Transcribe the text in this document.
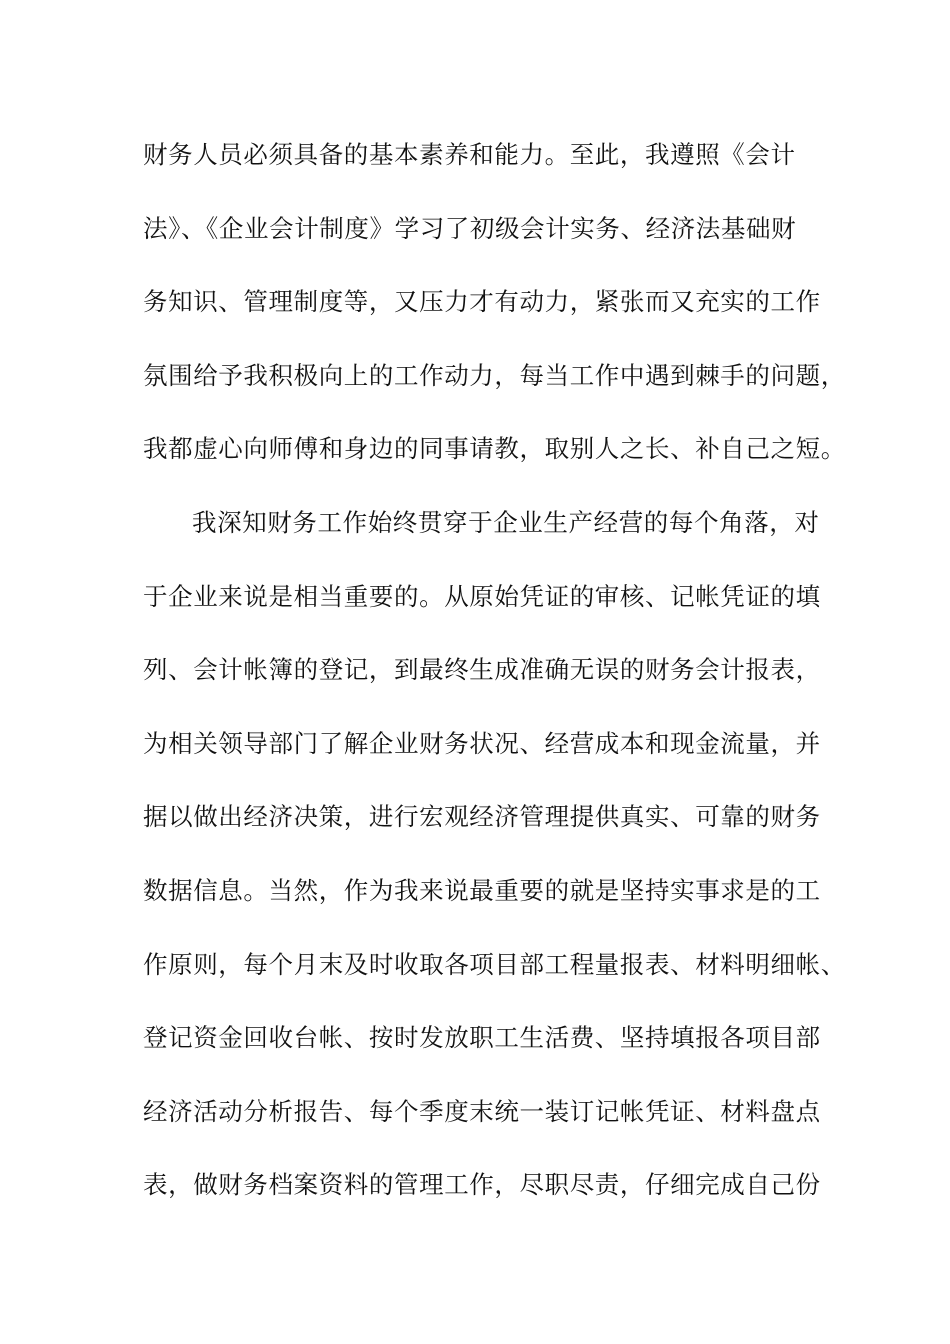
财务人员必须具备的基本素养和能力。至此，我遵照《会计
法》、《企业会计制度》学习了初级会计实务、经济法基础财
务知识、管理制度等，又压力才有动力，紧张而又充实的工作
氛围给予我积极向上的工作动力，每当工作中遇到棘手的问题，
我都虚心向师傅和身边的同事请教，取别人之长、补自己之短。
我深知财务工作始终贯穿于企业生产经营的每个角落，对
于企业来说是相当重要的。从原始凭证的审核、记帐凭证的填
列、会计帐簿的登记，到最终生成准确无误的财务会计报表，
为相关领导部门了解企业财务状况、经营成本和现金流量，并
据以做出经济决策，进行宏观经济管理提供真实、可靠的财务
数据信息。当然，作为我来说最重要的就是坚持实事求是的工
作原则，每个月末及时收取各项目部工程量报表、材料明细帐、
登记资金回收台帐、按时发放职工生活费、坚持填报各项目部
经济活动分析报告、每个季度末统一装订记帐凭证、材料盘点
表，做财务档案资料的管理工作，尽职尽责，仔细完成自己份
